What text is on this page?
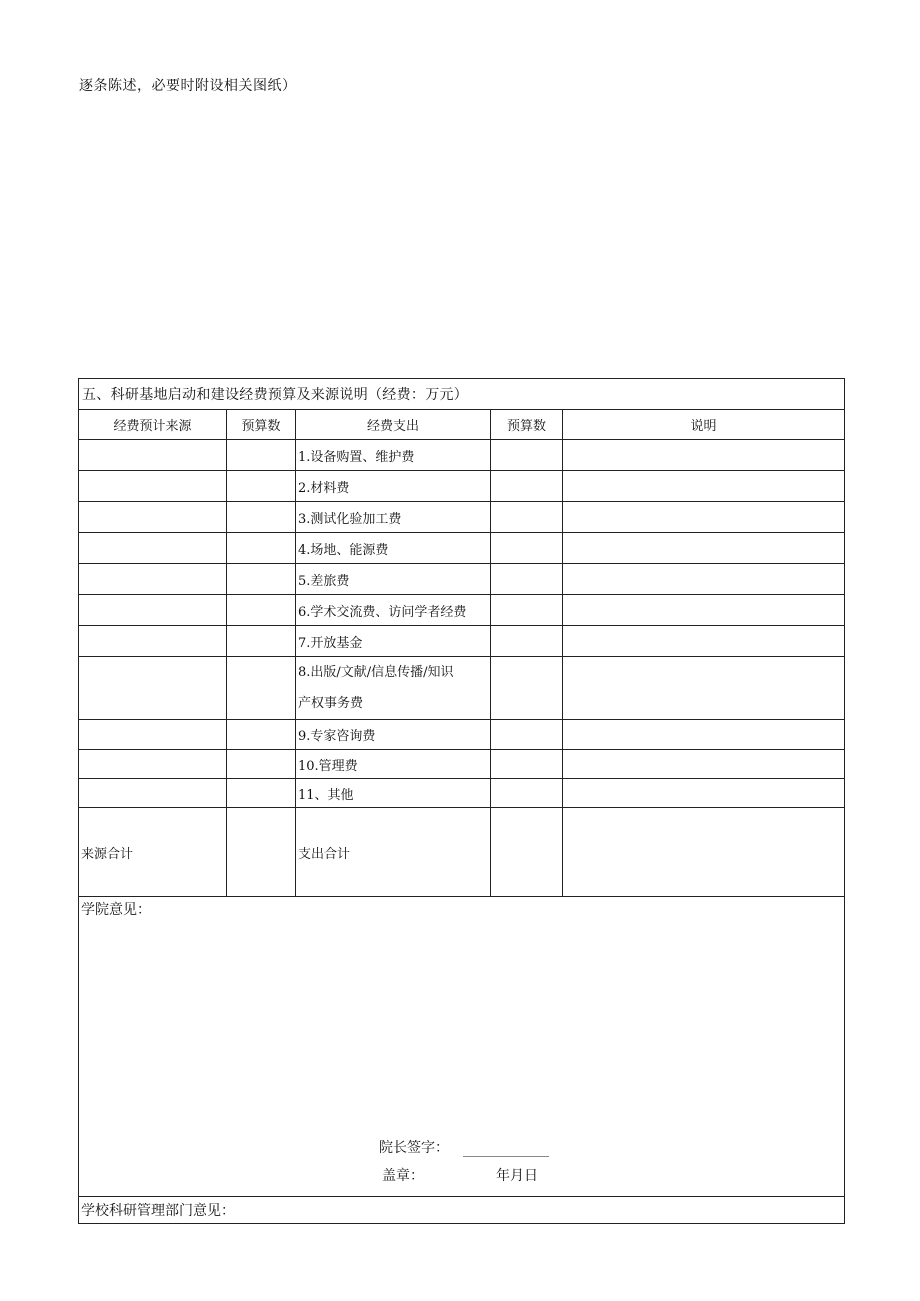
逐条陈述，必要时附设相关图纸）
五、科研基地启动和建设经费预算及来源说明（经费：万元）				
经费预计来源	预算数	经费支出	预算数	说明
		1.设备购置、维护费		
		2.材料费		
		3.测试化验加工费		
		4.场地、能源费		
		5.差旅费		
		6.学术交流费、访问学者经费		
		7.开放基金		
		8.出版/文献/信息传播/知识
产权事务费		
		9.专家咨询费		
		10.管理费		
		11、其他		
来源合计		支出合计		

学院意见：
院长签字：
盖章： 年月日				

学校科研管理部门意见：				
